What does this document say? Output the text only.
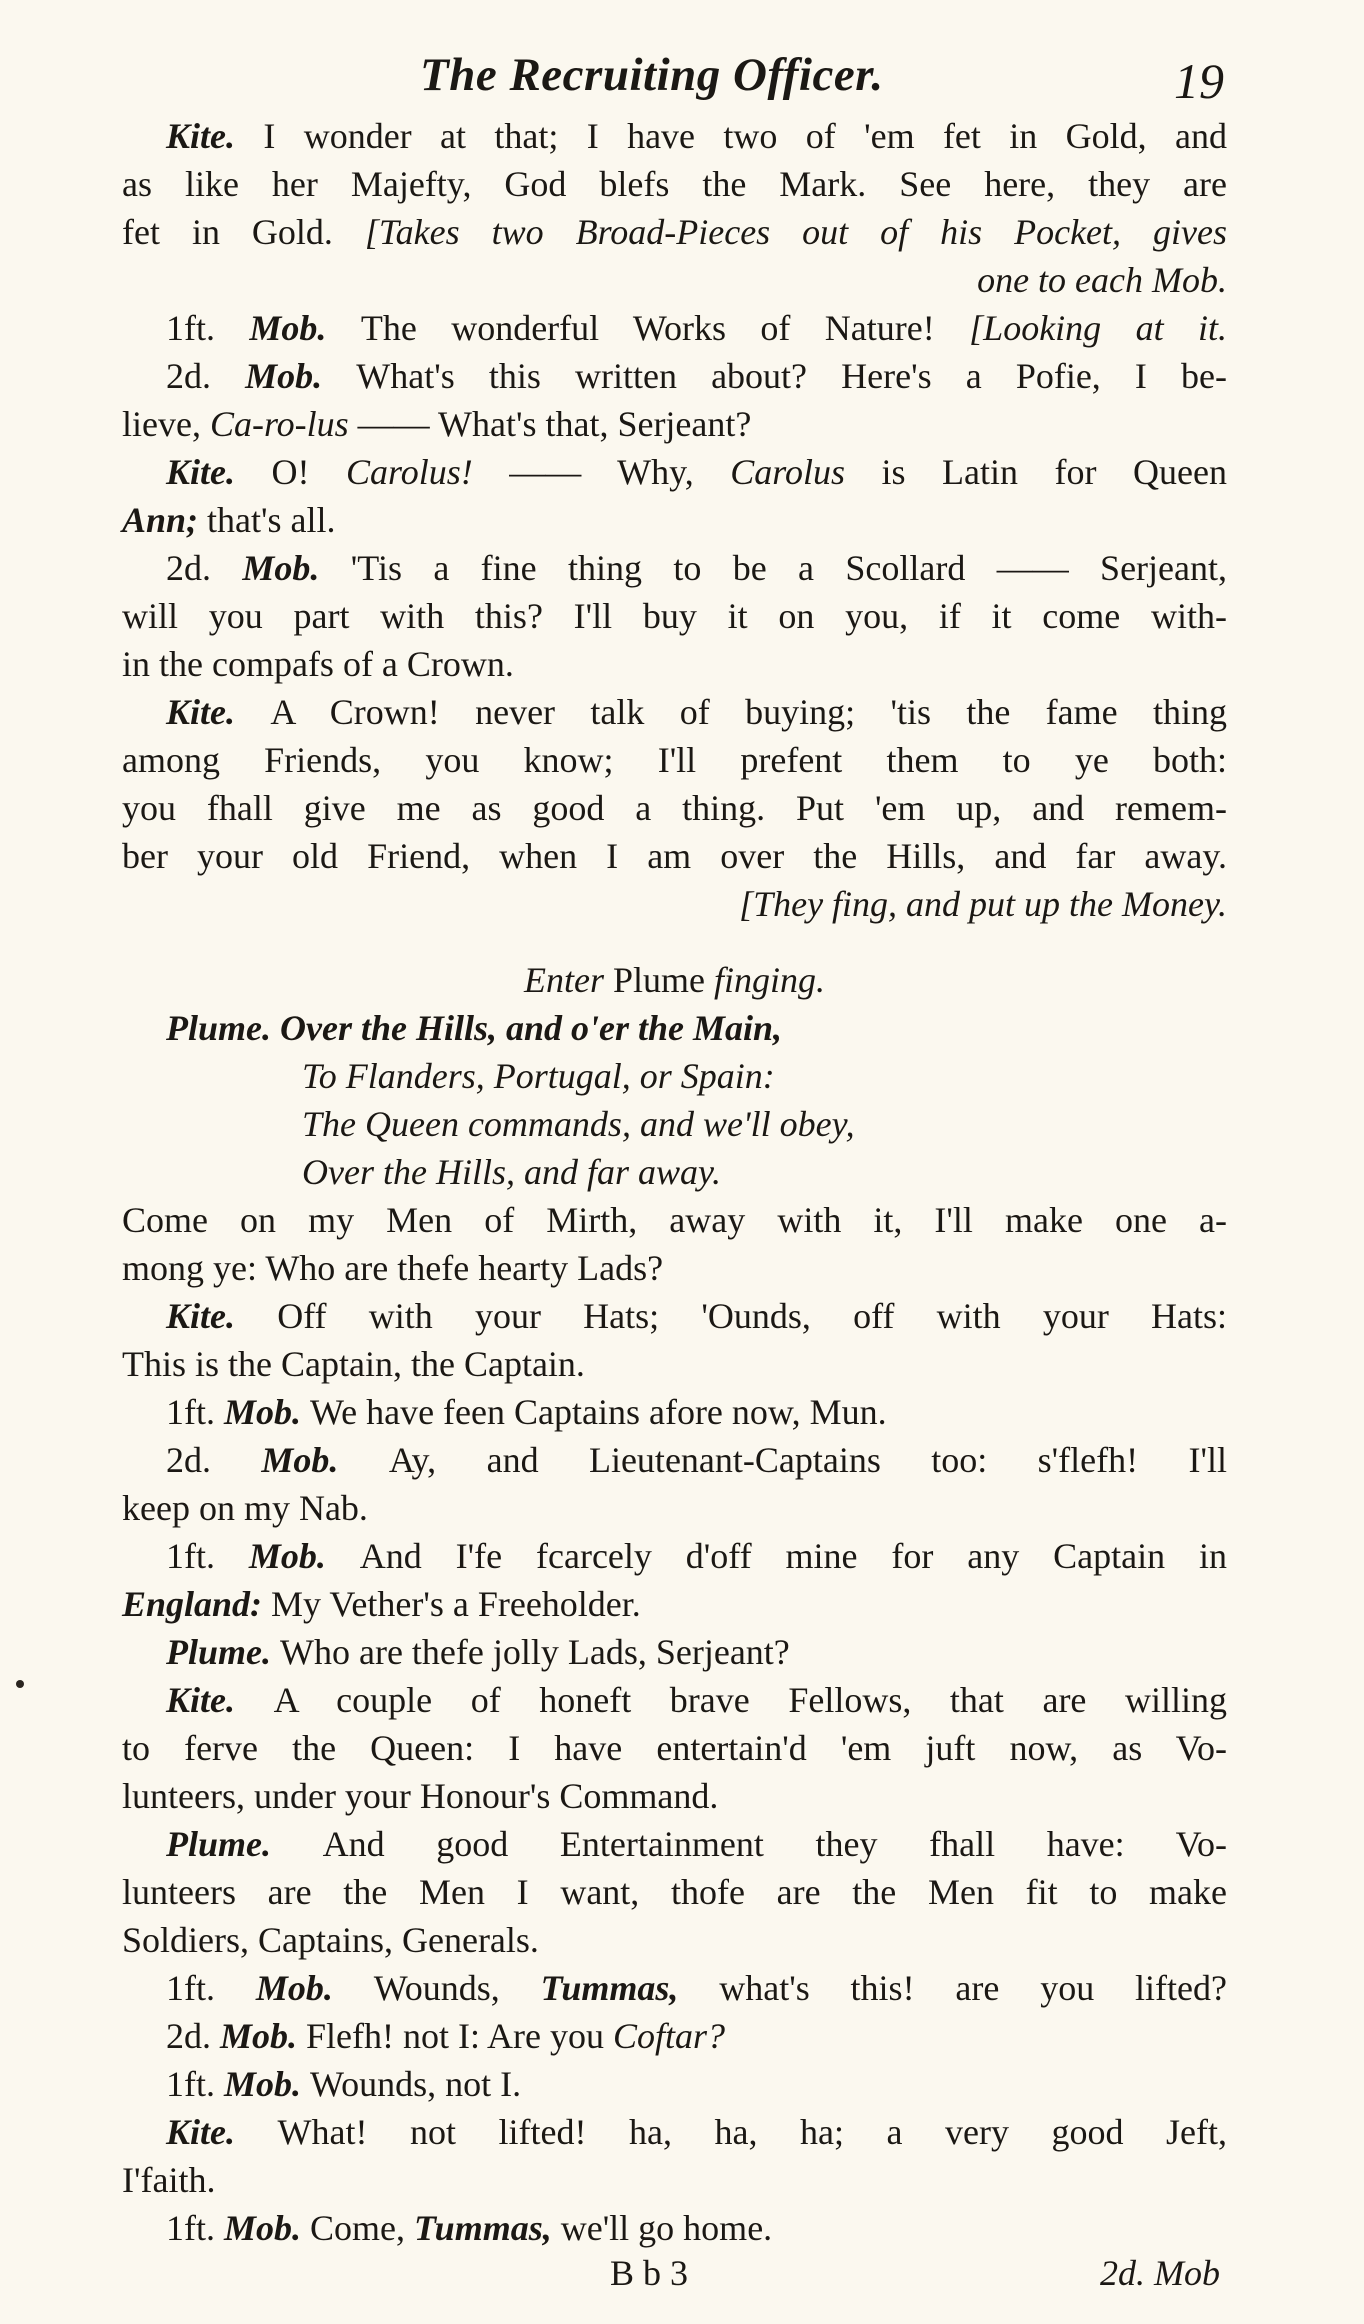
The Recruiting Officer.	19
Kite. I wonder at that; I have two of 'em fet in Gold, and
as like her Majefty, God blefs the Mark. See here, they are
fet in Gold. [Takes two Broad-Pieces out of his Pocket, gives
one to each Mob.
1ft. Mob. The wonderful Works of Nature! [Looking at it.
2d. Mob. What's this written about? Here's a Pofie, I be-
lieve, Ca-ro-lus —— What's that, Serjeant?
Kite. O! Carolus! —— Why, Carolus is Latin for Queen
Ann; that's all.
2d. Mob. 'Tis a fine thing to be a Scollard —— Serjeant,
will you part with this? I'll buy it on you, if it come with-
in the compafs of a Crown.
Kite. A Crown! never talk of buying; 'tis the fame thing
among Friends, you know; I'll prefent them to ye both:
you fhall give me as good a thing. Put 'em up, and remem-
ber your old Friend, when I am over the Hills, and far away.
[They fing, and put up the Money.
Enter Plume finging.
Plume. Over the Hills, and o'er the Main,
To Flanders, Portugal, or Spain:
The Queen commands, and we'll obey,
Over the Hills, and far away.
Come on my Men of Mirth, away with it, I'll make one a-
mong ye: Who are thefe hearty Lads?
Kite. Off with your Hats; 'Ounds, off with your Hats:
This is the Captain, the Captain.
1ft. Mob. We have feen Captains afore now, Mun.
2d. Mob. Ay, and Lieutenant-Captains too: s'flefh! I'll
keep on my Nab.
1ft. Mob. And I'fe fcarcely d'off mine for any Captain in
England: My Vether's a Freeholder.
Plume. Who are thefe jolly Lads, Serjeant?
Kite. A couple of honeft brave Fellows, that are willing
to ferve the Queen: I have entertain'd 'em juft now, as Vo-
lunteers, under your Honour's Command.
Plume. And good Entertainment they fhall have: Vo-
lunteers are the Men I want, thofe are the Men fit to make
Soldiers, Captains, Generals.
1ft. Mob. Wounds, Tummas, what's this! are you lifted?
2d. Mob. Flefh! not I: Are you Coftar?
1ft. Mob. Wounds, not I.
Kite. What! not lifted! ha, ha, ha; a very good Jeft,
I'faith.
1ft. Mob. Come, Tummas, we'll go home.
B b 3	2d. Mob
